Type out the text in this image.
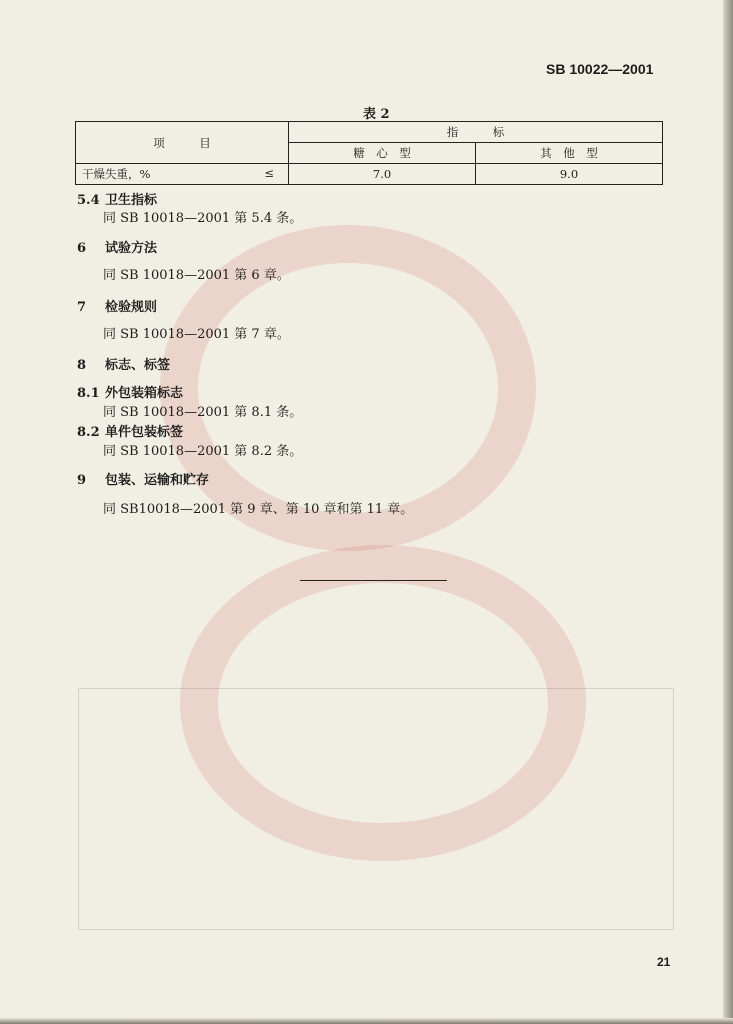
SB 10022—2001
表 2
项　　　目	指　　　标	
	糖　心　型	其　他　型
干燥失重，% ≤	7.0	9.0
5.4 卫生指标
同 SB 10018—2001 第 5.4 条。
6 试验方法
同 SB 10018—2001 第 6 章。
7 检验规则
同 SB 10018—2001 第 7 章。
8 标志、标签
8.1 外包装箱标志
同 SB 10018—2001 第 8.1 条。
8.2 单件包装标签
同 SB 10018—2001 第 8.2 条。
9 包装、运输和贮存
同 SB10018—2001 第 9 章、第 10 章和第 11 章。
21
